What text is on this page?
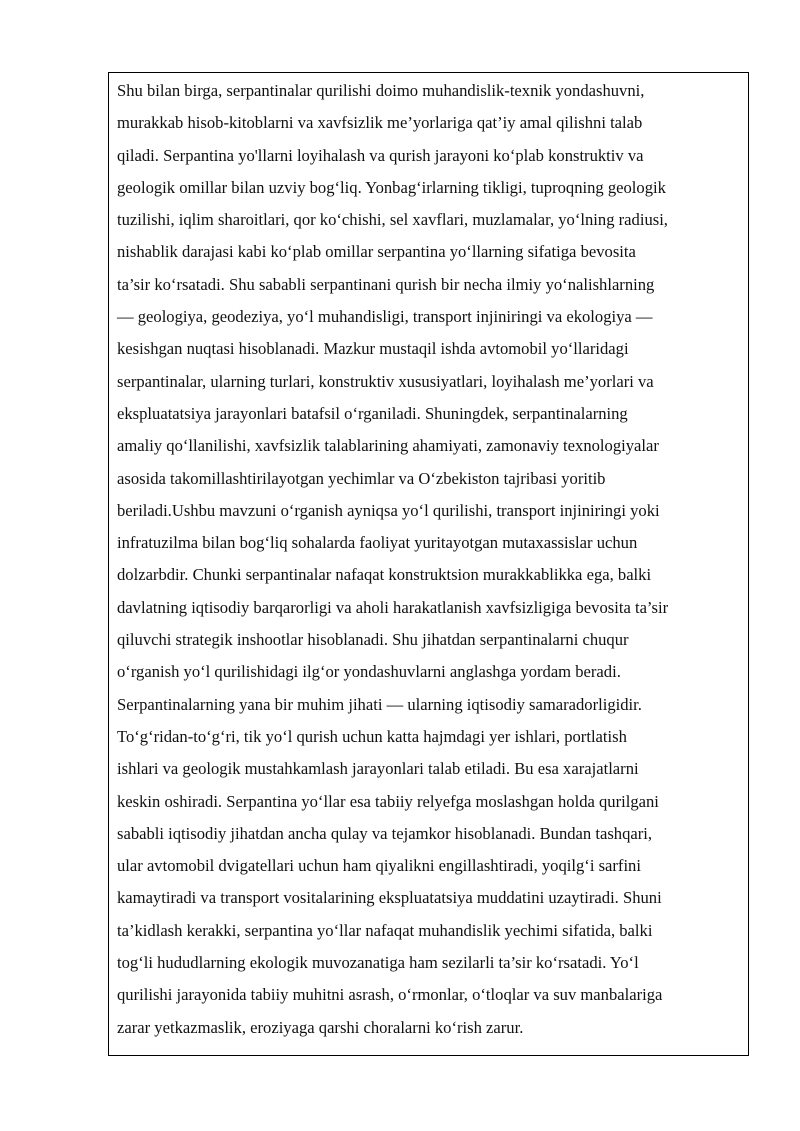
Shu bilan birga, serpantinalar qurilishi doimo muhandislik-texnik yondashuvni,
murakkab hisob-kitoblarni va xavfsizlik me’yorlariga qat’iy amal qilishni talab
qiladi. Serpantina yo'llarni loyihalash va qurish jarayoni ko‘plab konstruktiv va
geologik omillar bilan uzviy bog‘liq. Yonbag‘irlarning tikligi, tuproqning geologik
tuzilishi, iqlim sharoitlari, qor ko‘chishi, sel xavflari, muzlamalar, yo‘lning radiusi,
nishablik darajasi kabi ko‘plab omillar serpantina yo‘llarning sifatiga bevosita
ta’sir ko‘rsatadi. Shu sababli serpantinani qurish bir necha ilmiy yo‘nalishlarning
— geologiya, geodeziya, yo‘l muhandisligi, transport injiniringi va ekologiya —
kesishgan nuqtasi hisoblanadi. Mazkur mustaqil ishda avtomobil yo‘llaridagi
serpantinalar, ularning turlari, konstruktiv xususiyatlari, loyihalash me’yorlari va
ekspluatatsiya jarayonlari batafsil o‘rganiladi. Shuningdek, serpantinalarning
amaliy qo‘llanilishi, xavfsizlik talablarining ahamiyati, zamonaviy texnologiyalar
asosida takomillashtirilayotgan yechimlar va O‘zbekiston tajribasi yoritib
beriladi.Ushbu mavzuni o‘rganish ayniqsa yo‘l qurilishi, transport injiniringi yoki
infratuzilma bilan bog‘liq sohalarda faoliyat yuritayotgan mutaxassislar uchun
dolzarbdir. Chunki serpantinalar nafaqat konstruktsion murakkablikka ega, balki
davlatning iqtisodiy barqarorligi va aholi harakatlanish xavfsizligiga bevosita ta’sir
qiluvchi strategik inshootlar hisoblanadi. Shu jihatdan serpantinalarni chuqur
o‘rganish yo‘l qurilishidagi ilg‘or yondashuvlarni anglashga yordam beradi.
Serpantinalarning yana bir muhim jihati — ularning iqtisodiy samaradorligidir.
To‘g‘ridan-to‘g‘ri, tik yo‘l qurish uchun katta hajmdagi yer ishlari, portlatish
ishlari va geologik mustahkamlash jarayonlari talab etiladi. Bu esa xarajatlarni
keskin oshiradi. Serpantina yo‘llar esa tabiiy relyefga moslashgan holda qurilgani
sababli iqtisodiy jihatdan ancha qulay va tejamkor hisoblanadi. Bundan tashqari,
ular avtomobil dvigatellari uchun ham qiyalikni engillashtiradi, yoqilg‘i sarfini
kamaytiradi va transport vositalarining ekspluatatsiya muddatini uzaytiradi. Shuni
ta’kidlash kerakki, serpantina yo‘llar nafaqat muhandislik yechimi sifatida, balki
tog‘li hududlarning ekologik muvozanatiga ham sezilarli ta’sir ko‘rsatadi. Yo‘l
qurilishi jarayonida tabiiy muhitni asrash, o‘rmonlar, o‘tloqlar va suv manbalariga
zarar yetkazmaslik, eroziyaga qarshi choralarni ko‘rish zarur.
